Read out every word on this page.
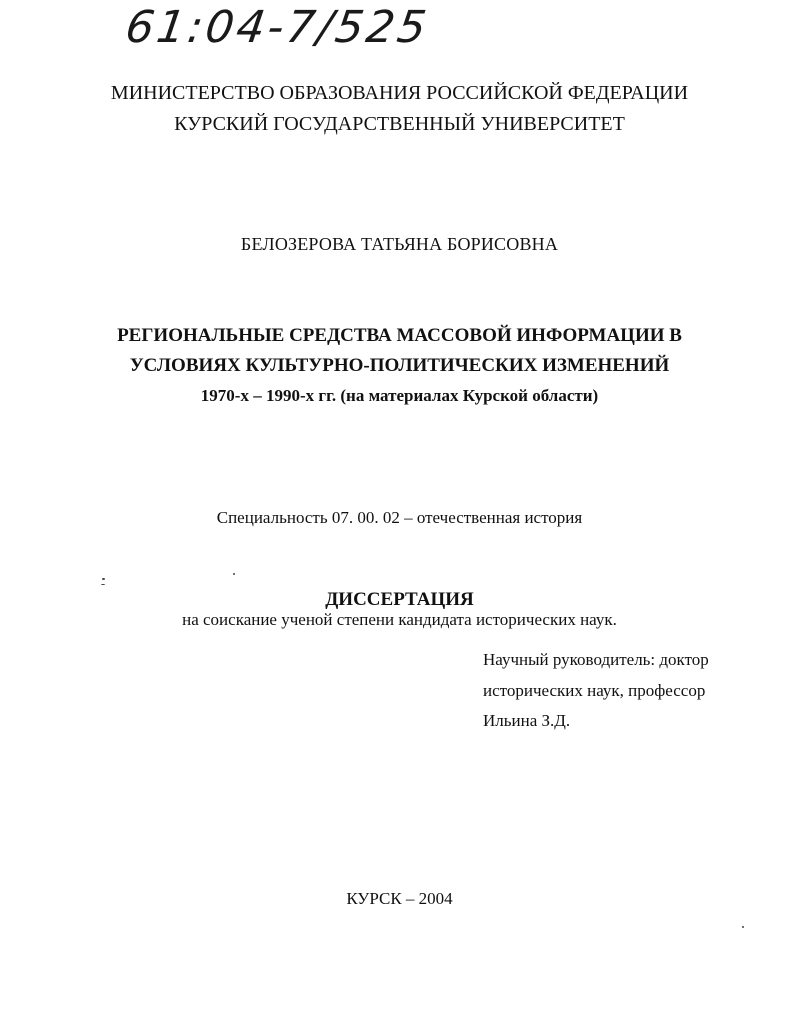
61:04-7/525
МИНИСТЕРСТВО ОБРАЗОВАНИЯ РОССИЙСКОЙ ФЕДЕРАЦИИ
КУРСКИЙ ГОСУДАРСТВЕННЫЙ УНИВЕРСИТЕТ
БЕЛОЗЕРОВА ТАТЬЯНА БОРИСОВНА
РЕГИОНАЛЬНЫЕ СРЕДСТВА МАССОВОЙ ИНФОРМАЦИИ В
УСЛОВИЯХ КУЛЬТУРНО-ПОЛИТИЧЕСКИХ ИЗМЕНЕНИЙ
1970-х – 1990-х гг. (на материалах Курской области)
Специальность 07. 00. 02 – отечественная история
ДИССЕРТАЦИЯ
на соискание ученой степени кандидата исторических наук.
Научный руководитель: доктор
исторических наук, профессор
Ильина З.Д.
КУРСК – 2004
